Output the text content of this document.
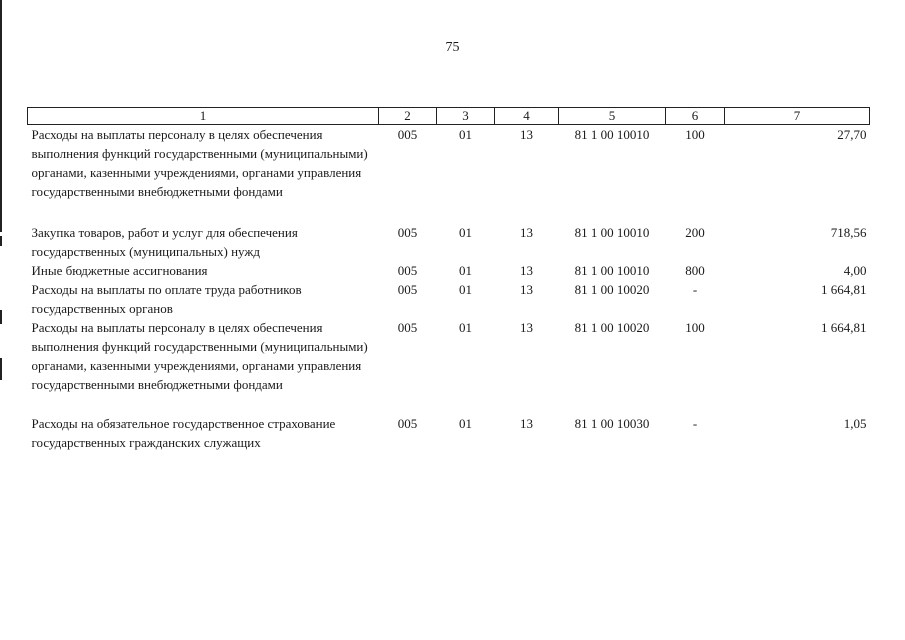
75
1	2	3	4	5	6	7
Расходы на выплаты персоналу в целях обеспечения выполнения функций государственными (муниципальными) органами, казенными учреждениями, органами управления государственными внебюджетными фондами	005	01	13	81 1 00 10010	100	27,70
Закупка товаров, работ и услуг для обеспечения государственных (муниципальных) нужд	005	01	13	81 1 00 10010	200	718,56
Иные бюджетные ассигнования	005	01	13	81 1 00 10010	800	4,00
Расходы на выплаты по оплате труда работников государственных органов	005	01	13	81 1 00 10020	-	1 664,81
Расходы на выплаты персоналу в целях обеспечения выполнения функций государственными (муниципальными) органами, казенными учреждениями, органами управления государственными внебюджетными фондами	005	01	13	81 1 00 10020	100	1 664,81
Расходы на обязательное государственное страхование государственных гражданских служащих	005	01	13	81 1 00 10030	-	1,05
